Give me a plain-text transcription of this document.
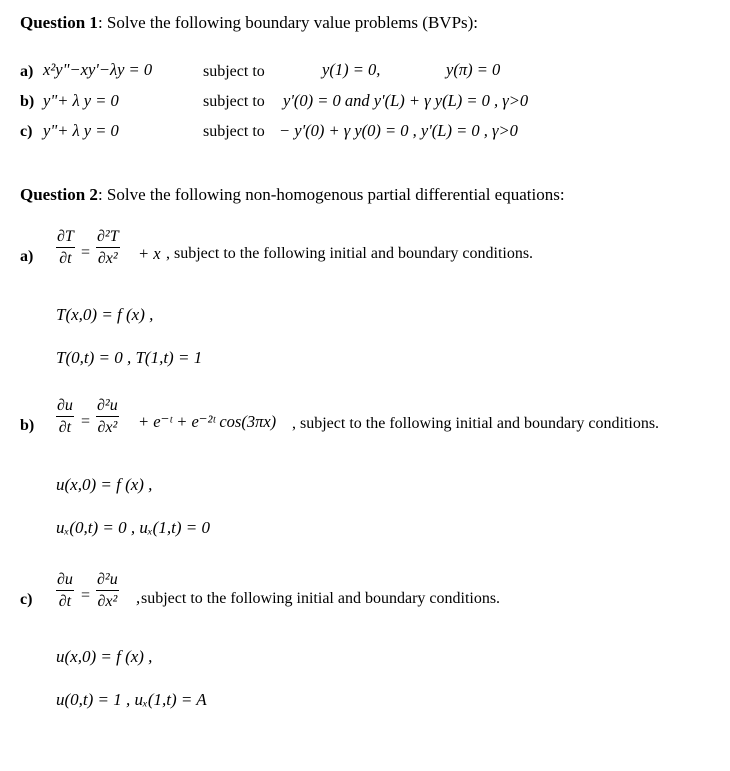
Question 1: Solve the following boundary value problems (BVPs):
a) x²y"−xy'−λy = 0	subject to	y(1) = 0,	y(π) = 0
b) y"+ λ y = 0	subject to y'(0) = 0 and y'(L) + γ y(L) = 0 , γ>0
c) y"+ λ y = 0	subject to − y'(0) + γ y(0) = 0 , y'(L) = 0 , γ>0
Question 2: Solve the following non-homogenous partial differential equations:
a)
∂T
∂t =
∂²T
∂x² + x , subject to the following initial and boundary conditions.
T(x,0) = f (x) ,
T(0,t) = 0 , T(1,t) = 1
b)
∂u
∂t =
∂²u
∂x² + e⁻ᵗ + e⁻²ᵗ cos(3πx) , subject to the following initial and boundary conditions.
u(x,0) = f (x) ,
uₓ(0,t) = 0 , uₓ(1,t) = 0
c)
∂u
∂t =
∂²u
∂x² , subject to the following initial and boundary conditions.
u(x,0) = f (x) ,
u(0,t) = 1 , uₓ(1,t) = A
